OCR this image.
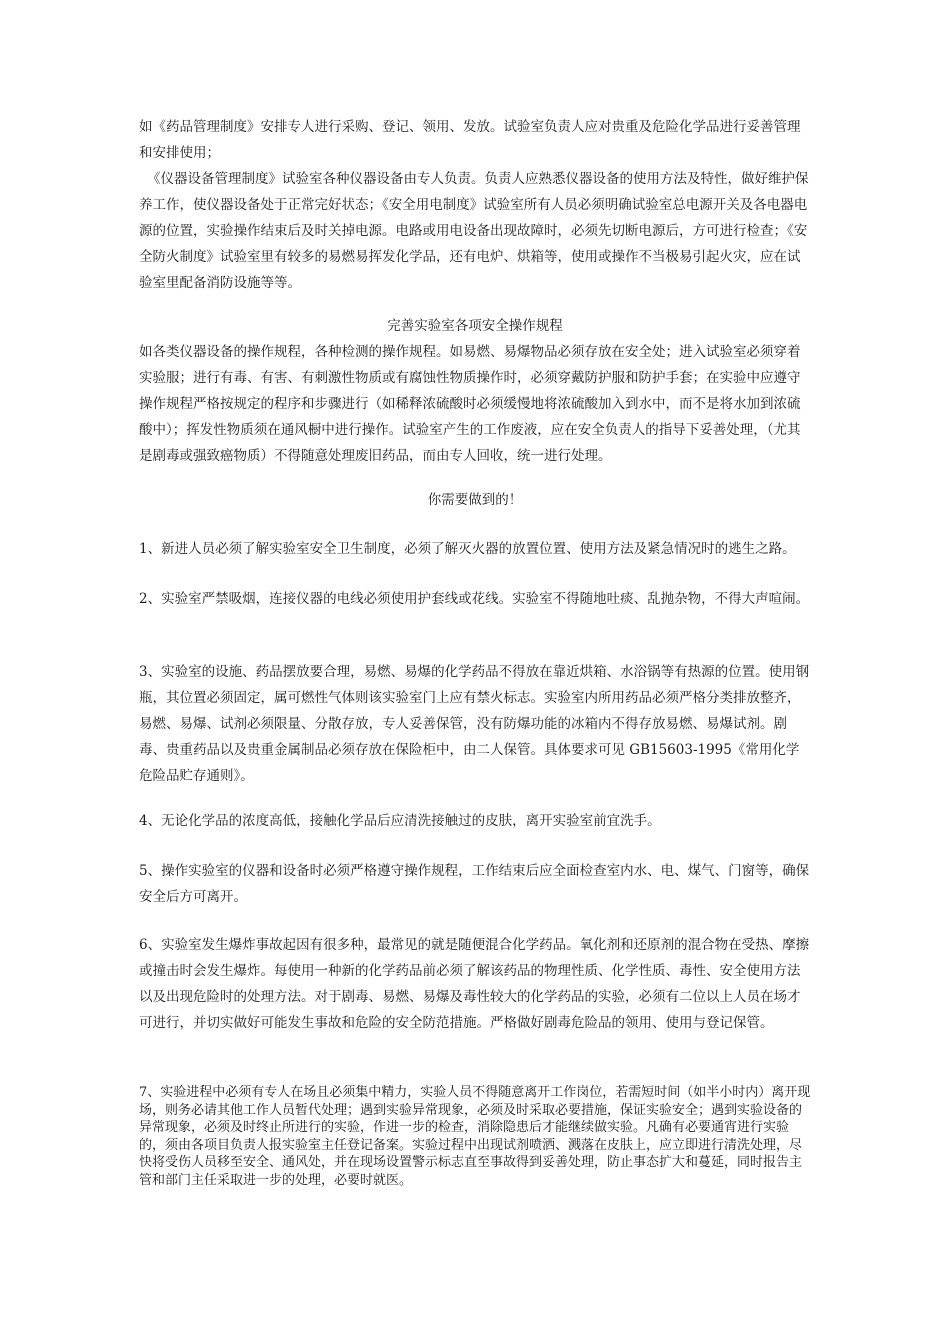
如《药品管理制度》安排专人进行采购、登记、领用、发放。试验室负责人应对贵重及危险化学品进行妥善管理和安排使用；

《仪器设备管理制度》试验室各种仪器设备由专人负责。负责人应熟悉仪器设备的使用方法及特性，做好维护保养工作，使仪器设备处于正常完好状态；《安全用电制度》试验室所有人员必须明确试验室总电源开关及各电器电源的位置，实验操作结束后及时关掉电源。电路或用电设备出现故障时，必须先切断电源后，方可进行检查；《安全防火制度》试验室里有较多的易燃易挥发化学品，还有电炉、烘箱等，使用或操作不当极易引起火灾，应在试验室里配备消防设施等等。

完善实验室各项安全操作规程

如各类仪器设备的操作规程，各种检测的操作规程。如易燃、易爆物品必须存放在安全处；进入试验室必须穿着实验服；进行有毒、有害、有刺激性物质或有腐蚀性物质操作时，必须穿戴防护服和防护手套；在实验中应遵守操作规程严格按规定的程序和步骤进行（如稀释浓硫酸时必须缓慢地将浓硫酸加入到水中，而不是将水加到浓硫酸中）；挥发性物质须在通风橱中进行操作。试验室产生的工作废液，应在安全负责人的指导下妥善处理，（尤其是剧毒或强致癌物质）不得随意处理废旧药品，而由专人回收，统一进行处理。

你需要做到的！

1、新进人员必须了解实验室安全卫生制度，必须了解灭火器的放置位置、使用方法及紧急情况时的逃生之路。

2、实验室严禁吸烟，连接仪器的电线必须使用护套线或花线。实验室不得随地吐痰、乱抛杂物，不得大声喧闹。

3、实验室的设施、药品摆放要合理，易燃、易爆的化学药品不得放在靠近烘箱、水浴锅等有热源的位置。使用钢瓶，其位置必须固定，属可燃性气体则该实验室门上应有禁火标志。实验室内所用药品必须严格分类排放整齐，易燃、易爆、试剂必须限量、分散存放，专人妥善保管，没有防爆功能的冰箱内不得存放易燃、易爆试剂。剧毒、贵重药品以及贵重金属制品必须存放在保险柜中，由二人保管。具体要求可见 GB15603-1995《常用化学危险品贮存通则》。

4、无论化学品的浓度高低，接触化学品后应清洗接触过的皮肤，离开实验室前宜洗手。

5、操作实验室的仪器和设备时必须严格遵守操作规程，工作结束后应全面检查室内水、电、煤气、门窗等，确保安全后方可离开。

6、实验室发生爆炸事故起因有很多种，最常见的就是随便混合化学药品。氧化剂和还原剂的混合物在受热、摩擦或撞击时会发生爆炸。每使用一种新的化学药品前必须了解该药品的物理性质、化学性质、毒性、安全使用方法以及出现危险时的处理方法。对于剧毒、易燃、易爆及毒性较大的化学药品的实验，必须有二位以上人员在场才可进行，并切实做好可能发生事故和危险的安全防范措施。严格做好剧毒危险品的领用、使用与登记保管。

7、实验进程中必须有专人在场且必须集中精力，实验人员不得随意离开工作岗位，若需短时间（如半小时内）离开现场，则务必请其他工作人员暂代处理；遇到实验异常现象，必须及时采取必要措施，保证实验安全；遇到实验设备的异常现象，必须及时终止所进行的实验，作进一步的检查，消除隐患后才能继续做实验。凡确有必要通宵进行实验的，须由各项目负责人报实验室主任登记备案。实验过程中出现试剂喷洒、溅落在皮肤上，应立即进行清洗处理，尽快将受伤人员移至安全、通风处，并在现场设置警示标志直至事故得到妥善处理，防止事态扩大和蔓延，同时报告主管和部门主任采取进一步的处理，必要时就医。
